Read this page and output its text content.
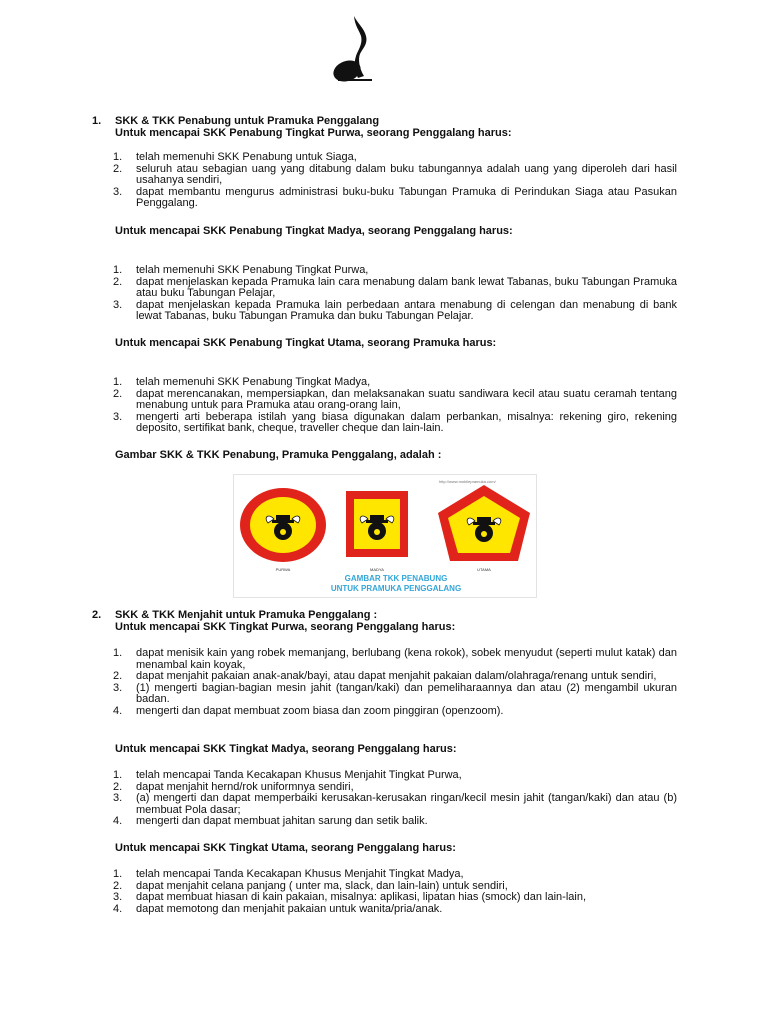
1. SKK & TKK Penabung untuk Pramuka Penggalang
Untuk mencapai SKK Penabung Tingkat Purwa, seorang Penggalang harus:
1. telah memenuhi SKK Penabung untuk Siaga,
2. seluruh atau sebagian uang yang ditabung dalam buku tabungannya adalah uang yang diperoleh dari hasil usahanya sendiri,
3. dapat membantu mengurus administrasi buku-buku Tabungan Pramuka di Perindukan Siaga atau Pasukan Penggalang.
Untuk mencapai SKK Penabung Tingkat Madya, seorang Penggalang harus:
1. telah memenuhi SKK Penabung Tingkat Purwa,
2. dapat menjelaskan kepada Pramuka lain cara menabung dalam bank lewat Tabanas, buku Tabungan Pramuka atau buku Tabungan Pelajar,
3. dapat menjelaskan kepada Pramuka lain perbedaan antara menabung di celengan dan menabung di bank lewat Tabanas, buku Tabungan Pramuka dan buku Tabungan Pelajar.
Untuk mencapai SKK Penabung Tingkat Utama, seorang Pramuka harus:
1. telah memenuhi SKK Penabung Tingkat Madya,
2. dapat merencanakan, mempersiapkan, dan melaksanakan suatu sandiwara kecil atau suatu ceramah tentang menabung untuk para Pramuka atau orang-orang lain,
3. mengerti arti beberapa istilah yang biasa digunakan dalam perbankan, misalnya: rekening giro, rekening deposito, sertifikat bank, cheque, traveller cheque dan lain-lain.
Gambar SKK & TKK Penabung, Pramuka Penggalang, adalah :
http://www.mobilepramuka.com/
PURWA	MADYA	UTAMA
GAMBAR TKK PENABUNG
UNTUK PRAMUKA PENGGALANG
2. SKK & TKK Menjahit untuk Pramuka Penggalang :
Untuk mencapai SKK Tingkat Purwa, seorang Penggalang harus:
1. dapat menisik kain yang robek memanjang, berlubang (kena rokok), sobek menyudut (seperti mulut katak) dan menambal kain koyak,
2. dapat menjahit pakaian anak-anak/bayi, atau dapat menjahit pakaian dalam/olahraga/renang untuk sendiri,
3. (1) mengerti bagian-bagian mesin jahit (tangan/kaki) dan pemeliharaannya dan atau (2) mengambil ukuran badan.
4. mengerti dan dapat membuat zoom biasa dan zoom pinggiran (openzoom).
Untuk mencapai SKK Tingkat Madya, seorang Penggalang harus:
1. telah mencapai Tanda Kecakapan Khusus Menjahit Tingkat Purwa,
2. dapat menjahit hernd/rok uniformnya sendiri,
3. (a) mengerti dan dapat memperbaiki kerusakan-kerusakan ringan/kecil mesin jahit (tangan/kaki) dan atau (b) membuat Pola dasar;
4. mengerti dan dapat membuat jahitan sarung dan setik balik.
Untuk mencapai SKK Tingkat Utama, seorang Penggalang harus:
1. telah mencapai Tanda Kecakapan Khusus Menjahit Tingkat Madya,
2. dapat menjahit celana panjang ( unter ma, slack, dan lain-lain) untuk sendiri,
3. dapat membuat hiasan di kain pakaian, misalnya: aplikasi, lipatan hias (smock) dan lain-lain,
4. dapat memotong dan menjahit pakaian untuk wanita/pria/anak.
